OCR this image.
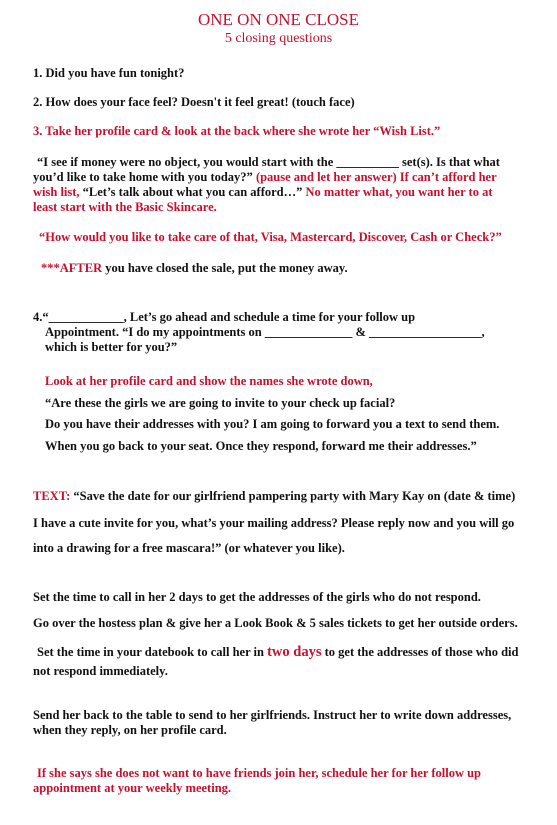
ONE ON ONE CLOSE
5 closing questions
1. Did you have fun tonight?
2. How does your face feel? Doesn't it feel great! (touch face)
3. Take her profile card & look at the back where she wrote her “Wish List.”
“I see if money were no object, you would start with the __________ set(s). Is that what
you’d like to take home with you today?” (pause and let her answer) If can’t afford her
wish list, “Let’s talk about what you can afford…” No matter what, you want her to at
least start with the Basic Skincare.
“How would you like to take care of that, Visa, Mastercard, Discover, Cash or Check?”
***AFTER you have closed the sale, put the money away.
4.“____________, Let’s go ahead and schedule a time for your follow up
Appointment. “I do my appointments on ______________ & __________________,
which is better for you?”
Look at her profile card and show the names she wrote down,
“Are these the girls we are going to invite to your check up facial?
Do you have their addresses with you? I am going to forward you a text to send them.
When you go back to your seat. Once they respond, forward me their addresses.”
TEXT: “Save the date for our girlfriend pampering party with Mary Kay on (date & time)
I have a cute invite for you, what’s your mailing address? Please reply now and you will go
into a drawing for a free mascara!” (or whatever you like).
Set the time to call in her 2 days to get the addresses of the girls who do not respond.
Go over the hostess plan & give her a Look Book & 5 sales tickets to get her outside orders.
Set the time in your datebook to call her in two days to get the addresses of those who did
not respond immediately.
Send her back to the table to send to her girlfriends. Instruct her to write down addresses,
when they reply, on her profile card.
If she says she does not want to have friends join her, schedule her for her follow up
appointment at your weekly meeting.
